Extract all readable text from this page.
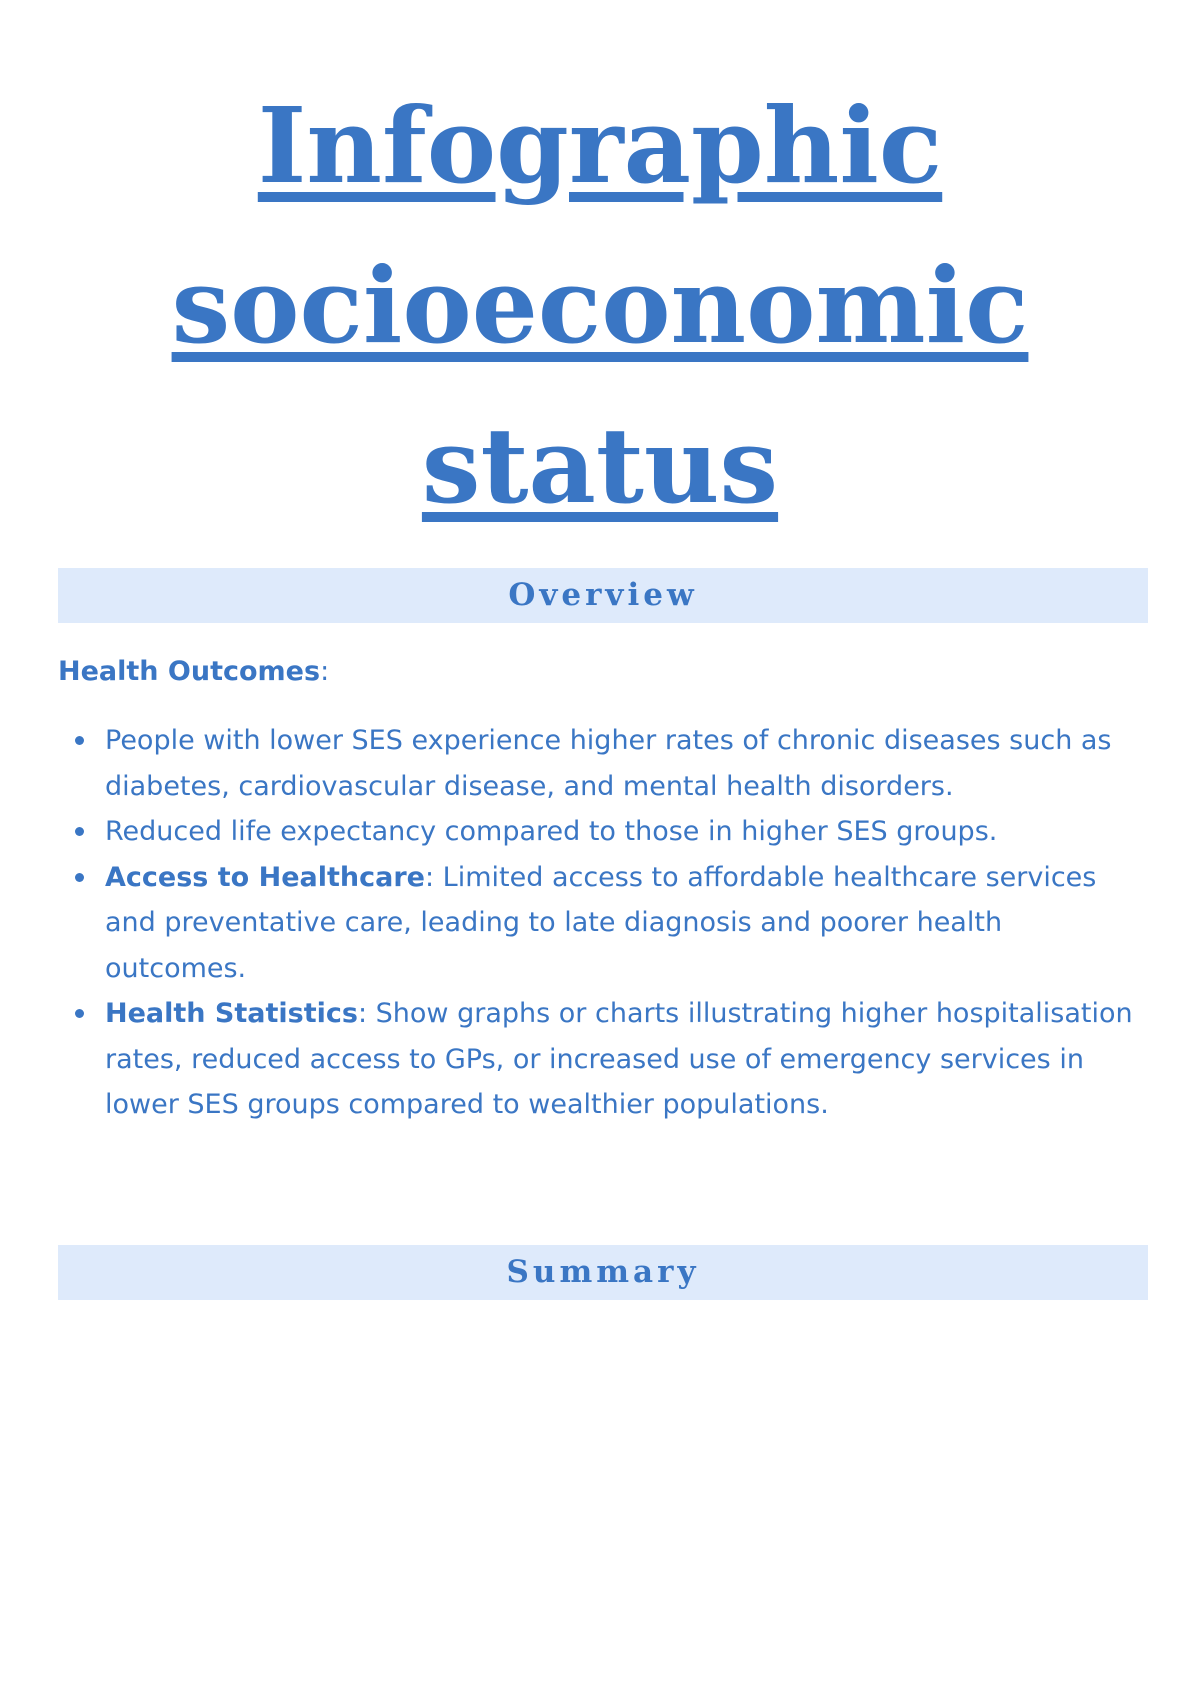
Infographic
socioeconomic
status
Overview
Health Outcomes:
People with lower SES experience higher rates of chronic diseases such as diabetes, cardiovascular disease, and mental health disorders.
Reduced life expectancy compared to those in higher SES groups.
Access to Healthcare: Limited access to affordable healthcare services and preventative care, leading to late diagnosis and poorer health outcomes.
Health Statistics: Show graphs or charts illustrating higher hospitalisation rates, reduced access to GPs, or increased use of emergency services in lower SES groups compared to wealthier populations.
Summary
